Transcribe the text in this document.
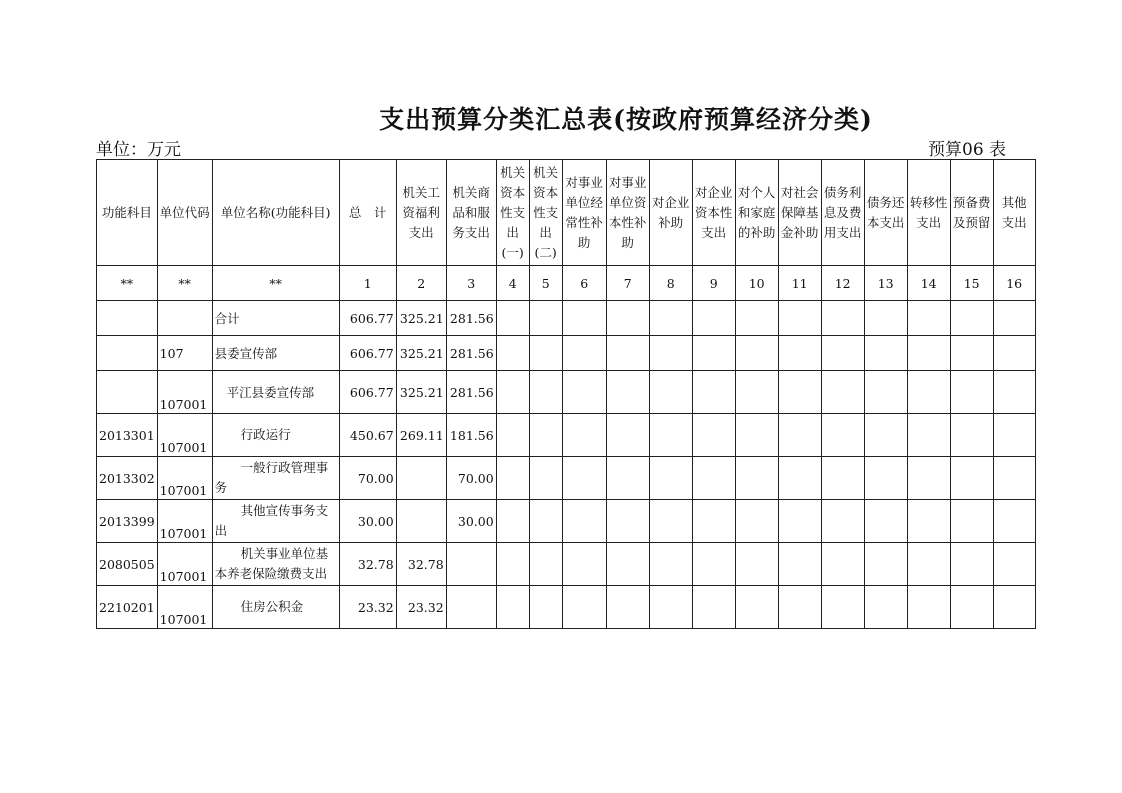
支出预算分类汇总表(按政府预算经济分类)
单位：万元	预算06 表
功能科目	单位代码	单位名称(功能科目)	总　计	机关工资福利支出	机关商品和服务支出	机关资本性支出(一)	机关资本性支出(二)	对事业单位经常性补助	对事业单位资本性补助	对企业补助	对企业资本性支出	对个人和家庭的补助	对社会保障基金补助	债务利息及费用支出	债务还本支出	转移性支出	预备费及预留	其他支出
**	**	**	1	2	3	4	5	6	7	8	9	10	11	12	13	14	15	16
		合计	606.77	325.21	281.56													
	107	县委宣传部	606.77	325.21	281.56													
	107001	平江县委宣传部	606.77	325.21	281.56													
2013301	107001	行政运行	450.67	269.11	181.56													
2013302	107001	一般行政管理事务	70.00		70.00													
2013399	107001	其他宣传事务支出	30.00		30.00													
2080505	107001	机关事业单位基本养老保险缴费支出	32.78	32.78														
2210201	107001	住房公积金	23.32	23.32														
